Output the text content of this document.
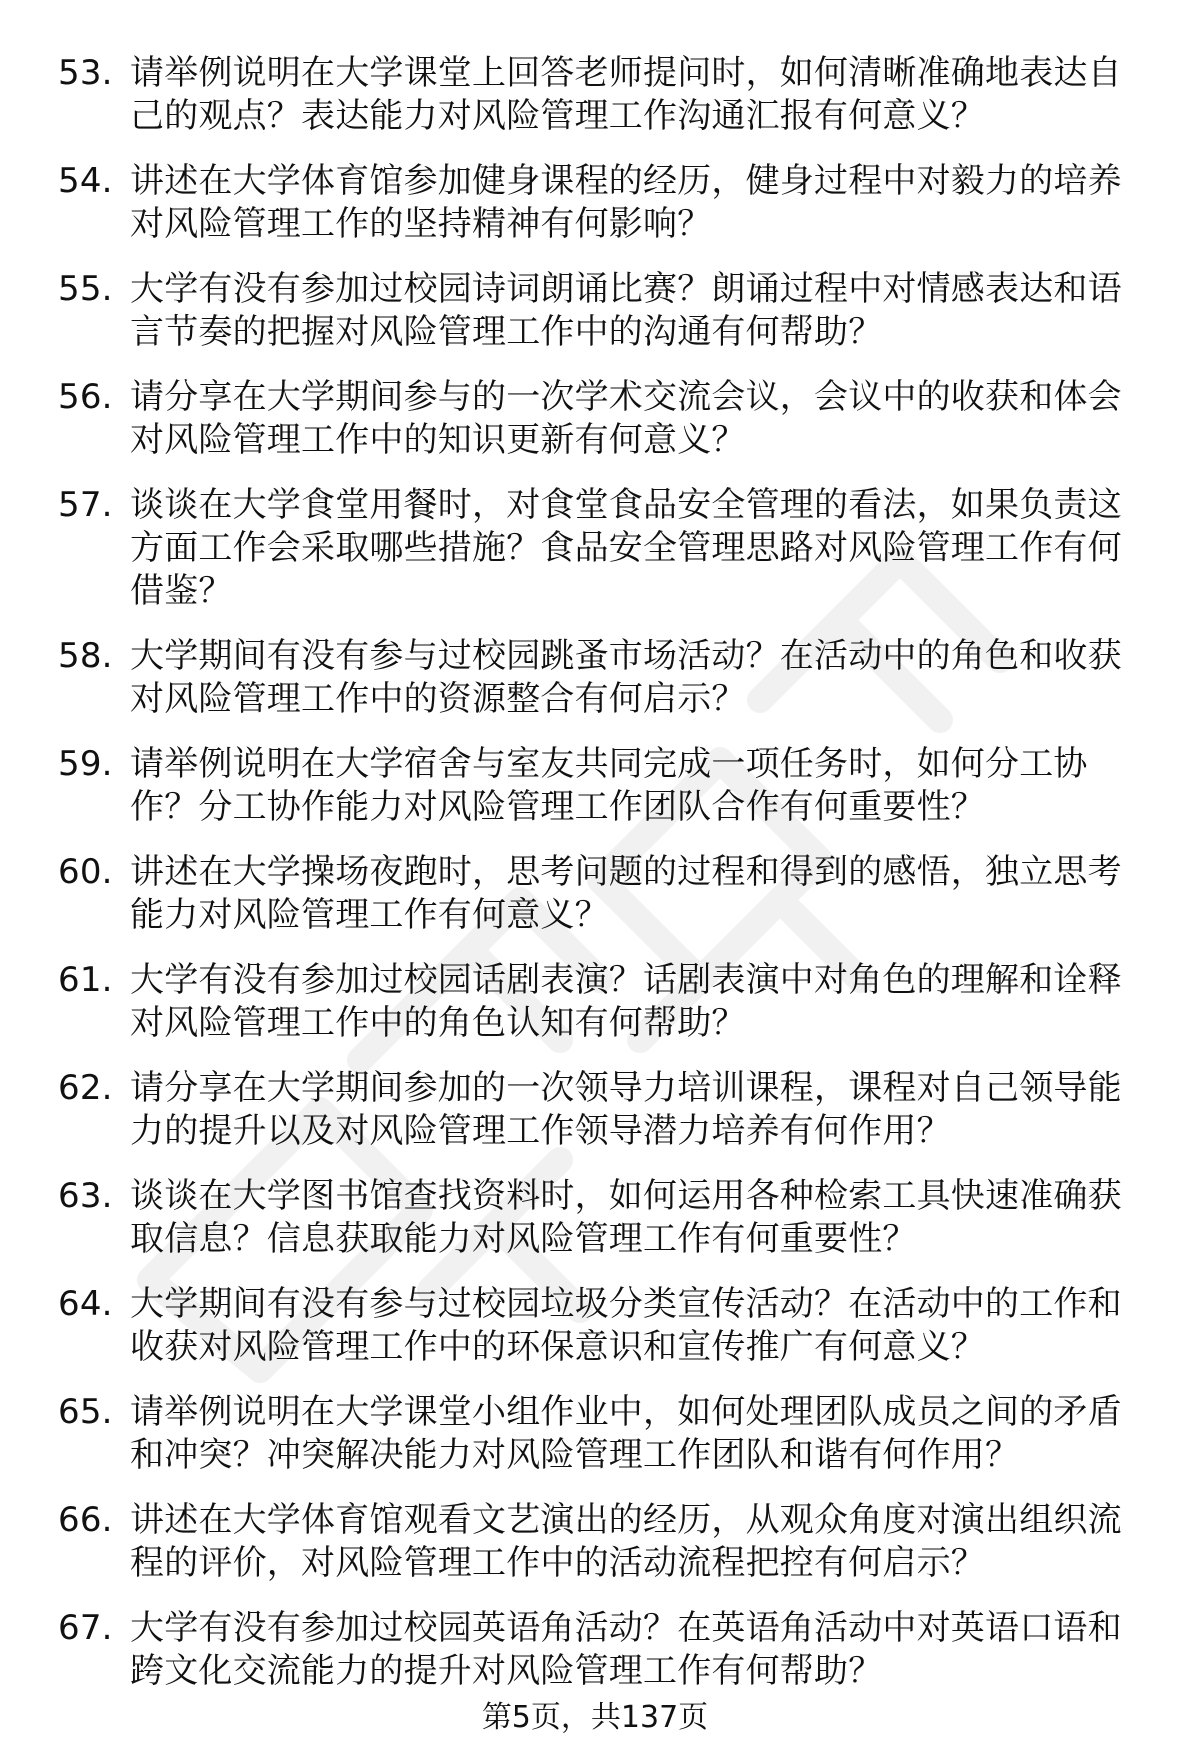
53. 请举例说明在大学课堂上回答老师提问时，如何清晰准确地表达自己的观点？表达能力对风险管理工作沟通汇报有何意义？
54. 讲述在大学体育馆参加健身课程的经历，健身过程中对毅力的培养对风险管理工作的坚持精神有何影响？
55. 大学有没有参加过校园诗词朗诵比赛？朗诵过程中对情感表达和语言节奏的把握对风险管理工作中的沟通有何帮助？
56. 请分享在大学期间参与的一次学术交流会议，会议中的收获和体会对风险管理工作中的知识更新有何意义？
57. 谈谈在大学食堂用餐时，对食堂食品安全管理的看法，如果负责这方面工作会采取哪些措施？食品安全管理思路对风险管理工作有何借鉴？
58. 大学期间有没有参与过校园跳蚤市场活动？在活动中的角色和收获对风险管理工作中的资源整合有何启示？
59. 请举例说明在大学宿舍与室友共同完成一项任务时，如何分工协作？分工协作能力对风险管理工作团队合作有何重要性？
60. 讲述在大学操场夜跑时，思考问题的过程和得到的感悟，独立思考能力对风险管理工作有何意义？
61. 大学有没有参加过校园话剧表演？话剧表演中对角色的理解和诠释对风险管理工作中的角色认知有何帮助？
62. 请分享在大学期间参加的一次领导力培训课程，课程对自己领导能力的提升以及对风险管理工作领导潜力培养有何作用？
63. 谈谈在大学图书馆查找资料时，如何运用各种检索工具快速准确获取信息？信息获取能力对风险管理工作有何重要性？
64. 大学期间有没有参与过校园垃圾分类宣传活动？在活动中的工作和收获对风险管理工作中的环保意识和宣传推广有何意义？
65. 请举例说明在大学课堂小组作业中，如何处理团队成员之间的矛盾和冲突？冲突解决能力对风险管理工作团队和谐有何作用？
66. 讲述在大学体育馆观看文艺演出的经历，从观众角度对演出组织流程的评价，对风险管理工作中的活动流程把控有何启示？
67. 大学有没有参加过校园英语角活动？在英语角活动中对英语口语和跨文化交流能力的提升对风险管理工作有何帮助？
第5页，共137页
